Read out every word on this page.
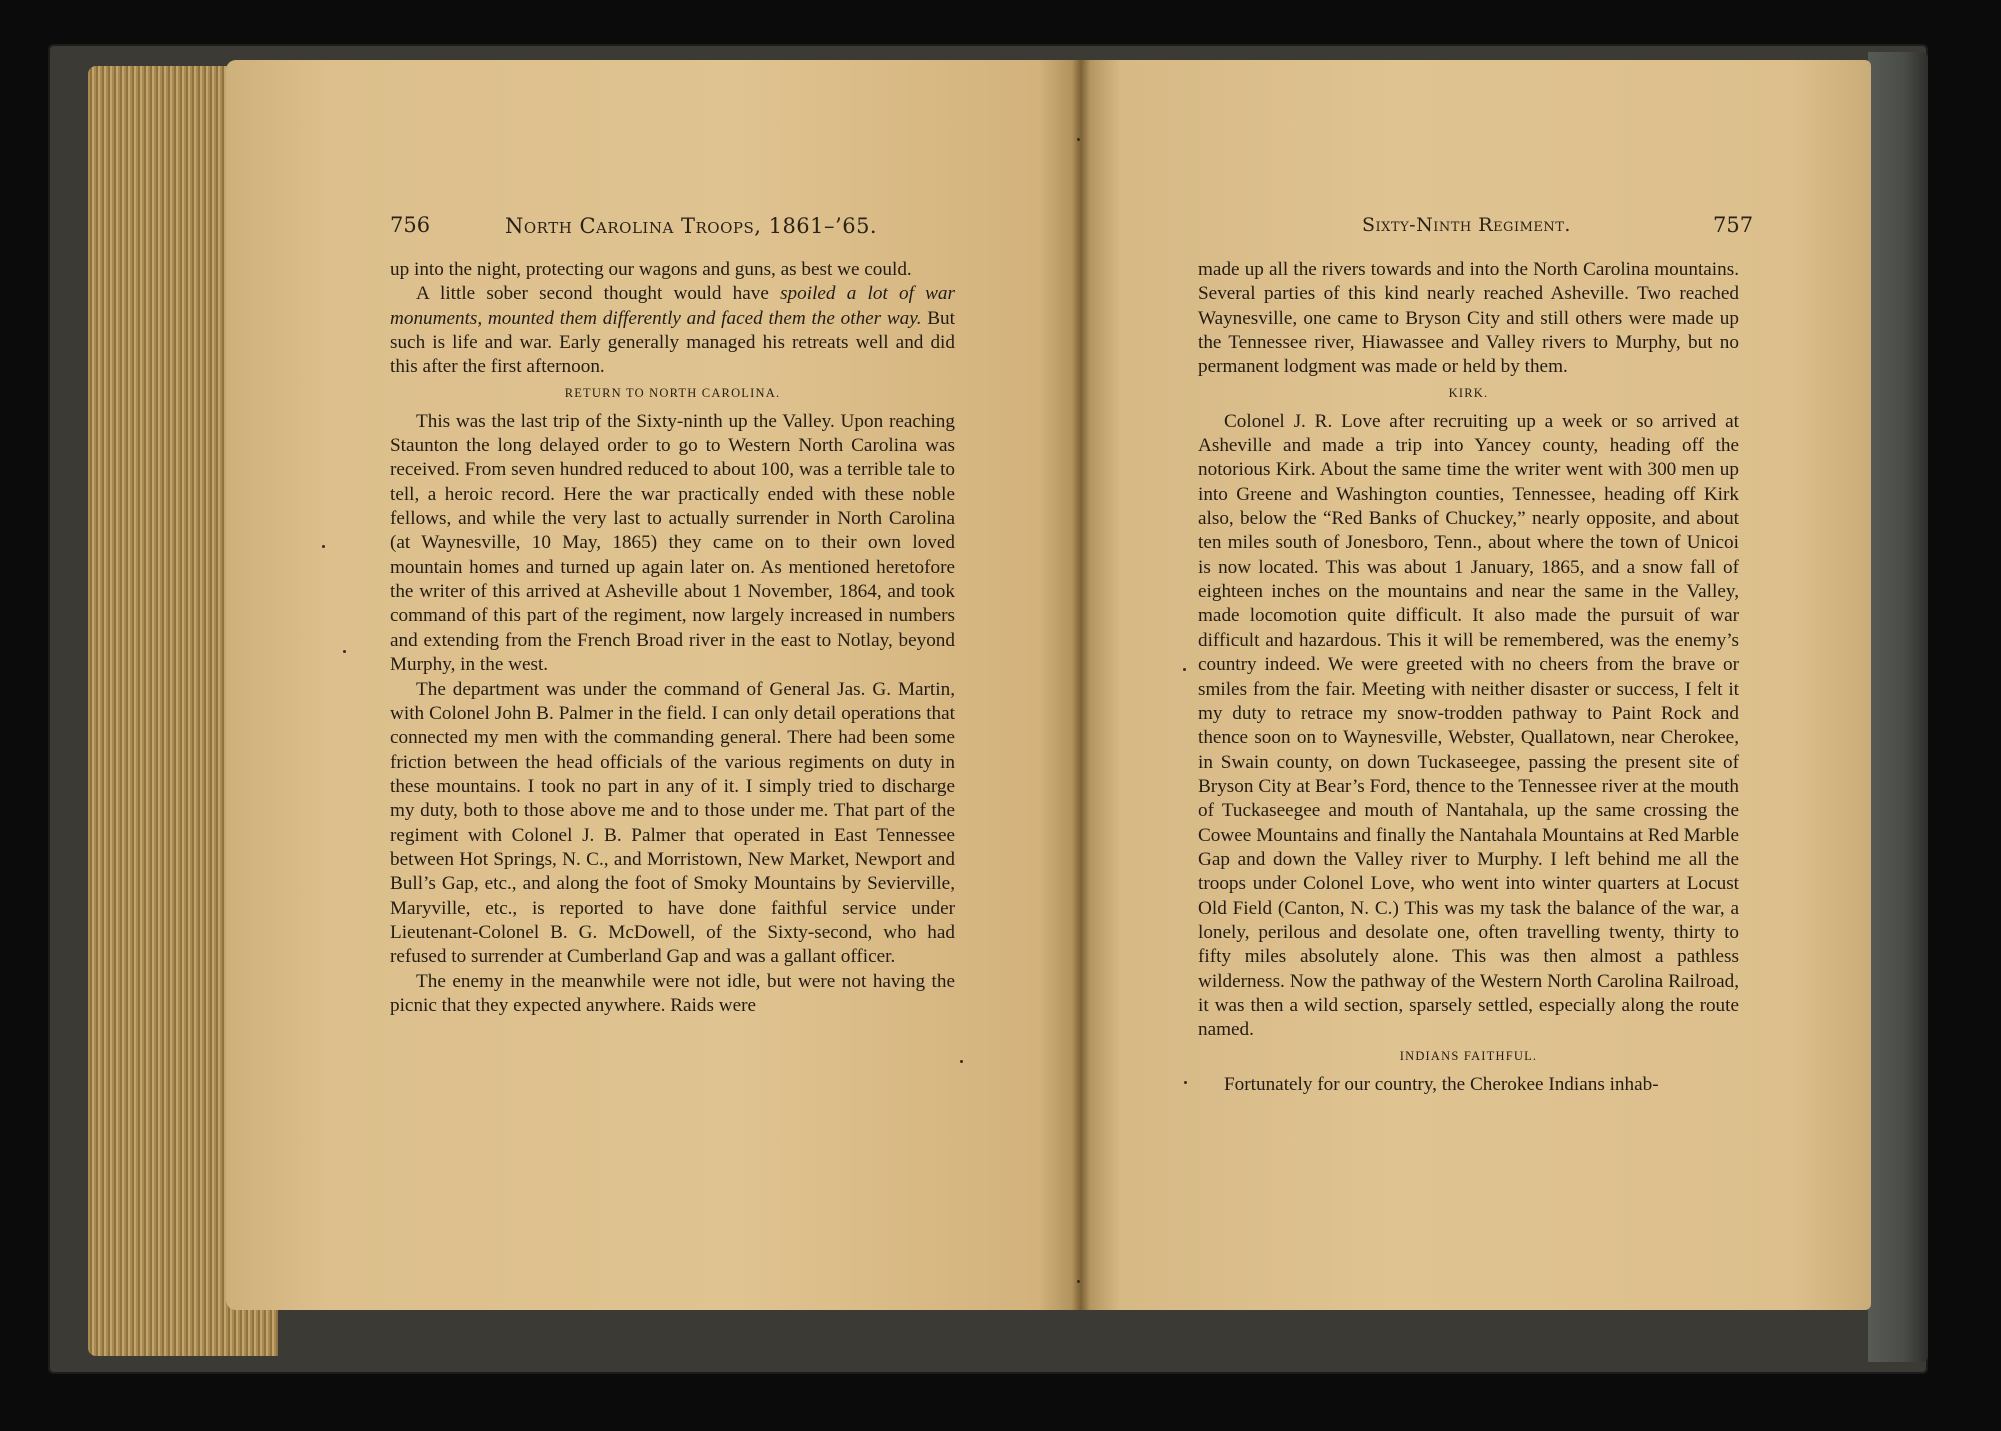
756	North Carolina Troops, 1861–’65.

up into the night, protecting our wagons and guns, as best we could.

A little sober second thought would have spoiled a lot of war monuments, mounted them differently and faced them the other way. But such is life and war. Early generally managed his retreats well and did this after the first afternoon.

RETURN TO NORTH CAROLINA.

This was the last trip of the Sixty-ninth up the Valley. Upon reaching Staunton the long delayed order to go to Western North Carolina was received. From seven hundred reduced to about 100, was a terrible tale to tell, a heroic record. Here the war practically ended with these noble fellows, and while the very last to actually surrender in North Carolina (at Waynesville, 10 May, 1865) they came on to their own loved mountain homes and turned up again later on. As mentioned heretofore the writer of this arrived at Asheville about 1 November, 1864, and took command of this part of the regiment, now largely increased in numbers and extending from the French Broad river in the east to Notlay, beyond Murphy, in the west.

The department was under the command of General Jas. G. Martin, with Colonel John B. Palmer in the field. I can only detail operations that connected my men with the commanding general. There had been some friction between the head officials of the various regiments on duty in these mountains. I took no part in any of it. I simply tried to discharge my duty, both to those above me and to those under me. That part of the regiment with Colonel J. B. Palmer that operated in East Tennessee between Hot Springs, N. C., and Morristown, New Market, Newport and Bull’s Gap, etc., and along the foot of Smoky Mountains by Sevierville, Maryville, etc., is reported to have done faithful service under Lieutenant-Colonel B. G. McDowell, of the Sixty-second, who had refused to surrender at Cumberland Gap and was a gallant officer.

The enemy in the meanwhile were not idle, but were not having the picnic that they expected anywhere. Raids were

Sixty-Ninth Regiment.	757

made up all the rivers towards and into the North Carolina mountains. Several parties of this kind nearly reached Asheville. Two reached Waynesville, one came to Bryson City and still others were made up the Tennessee river, Hiawassee and Valley rivers to Murphy, but no permanent lodgment was made or held by them.

KIRK.

Colonel J. R. Love after recruiting up a week or so arrived at Asheville and made a trip into Yancey county, heading off the notorious Kirk. About the same time the writer went with 300 men up into Greene and Washington counties, Tennessee, heading off Kirk also, below the “Red Banks of Chuckey,” nearly opposite, and about ten miles south of Jonesboro, Tenn., about where the town of Unicoi is now located. This was about 1 January, 1865, and a snow fall of eighteen inches on the mountains and near the same in the Valley, made locomotion quite difficult. It also made the pursuit of war difficult and hazardous. This it will be remembered, was the enemy’s country indeed. We were greeted with no cheers from the brave or smiles from the fair. Meeting with neither disaster or success, I felt it my duty to retrace my snow-trodden pathway to Paint Rock and thence soon on to Waynesville, Webster, Quallatown, near Cherokee, in Swain county, on down Tuckaseegee, passing the present site of Bryson City at Bear’s Ford, thence to the Tennessee river at the mouth of Tuckaseegee and mouth of Nantahala, up the same crossing the Cowee Mountains and finally the Nantahala Mountains at Red Marble Gap and down the Valley river to Murphy. I left behind me all the troops under Colonel Love, who went into winter quarters at Locust Old Field (Canton, N. C.) This was my task the balance of the war, a lonely, perilous and desolate one, often travelling twenty, thirty to fifty miles absolutely alone. This was then almost a pathless wilderness. Now the pathway of the Western North Carolina Railroad, it was then a wild section, sparsely settled, especially along the route named.

INDIANS FAITHFUL.

Fortunately for our country, the Cherokee Indians inhab-
